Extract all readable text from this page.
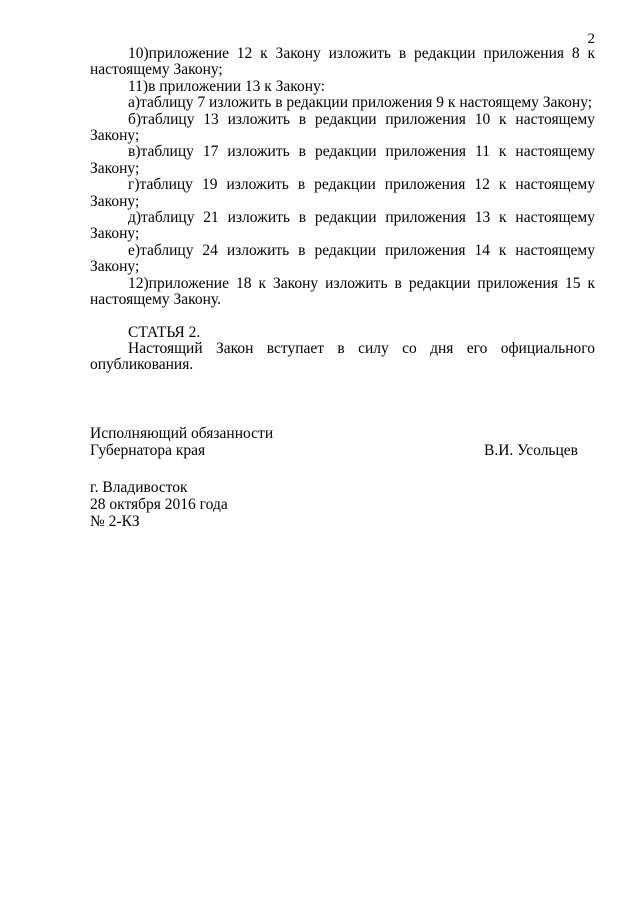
2

10)приложение 12 к Закону изложить в редакции приложения 8 к настоящему Закону;

11)в приложении 13 к Закону:

а)таблицу 7 изложить в редакции приложения 9 к настоящему Закону;

б)таблицу 13 изложить в редакции приложения 10 к настоящему Закону;

в)таблицу 17 изложить в редакции приложения 11 к настоящему Закону;

г)таблицу 19 изложить в редакции приложения 12 к настоящему Закону;

д)таблицу 21 изложить в редакции приложения 13 к настоящему Закону;

е)таблицу 24 изложить в редакции приложения 14 к настоящему Закону;

12)приложение 18 к Закону изложить в редакции приложения 15 к настоящему Закону.

СТАТЬЯ 2.

Настоящий Закон вступает в силу со дня его официального опубликования.

Исполняющий обязанности
Губернатора края	В.И. Усольцев
г. Владивосток
28 октября 2016 года
№ 2-КЗ
